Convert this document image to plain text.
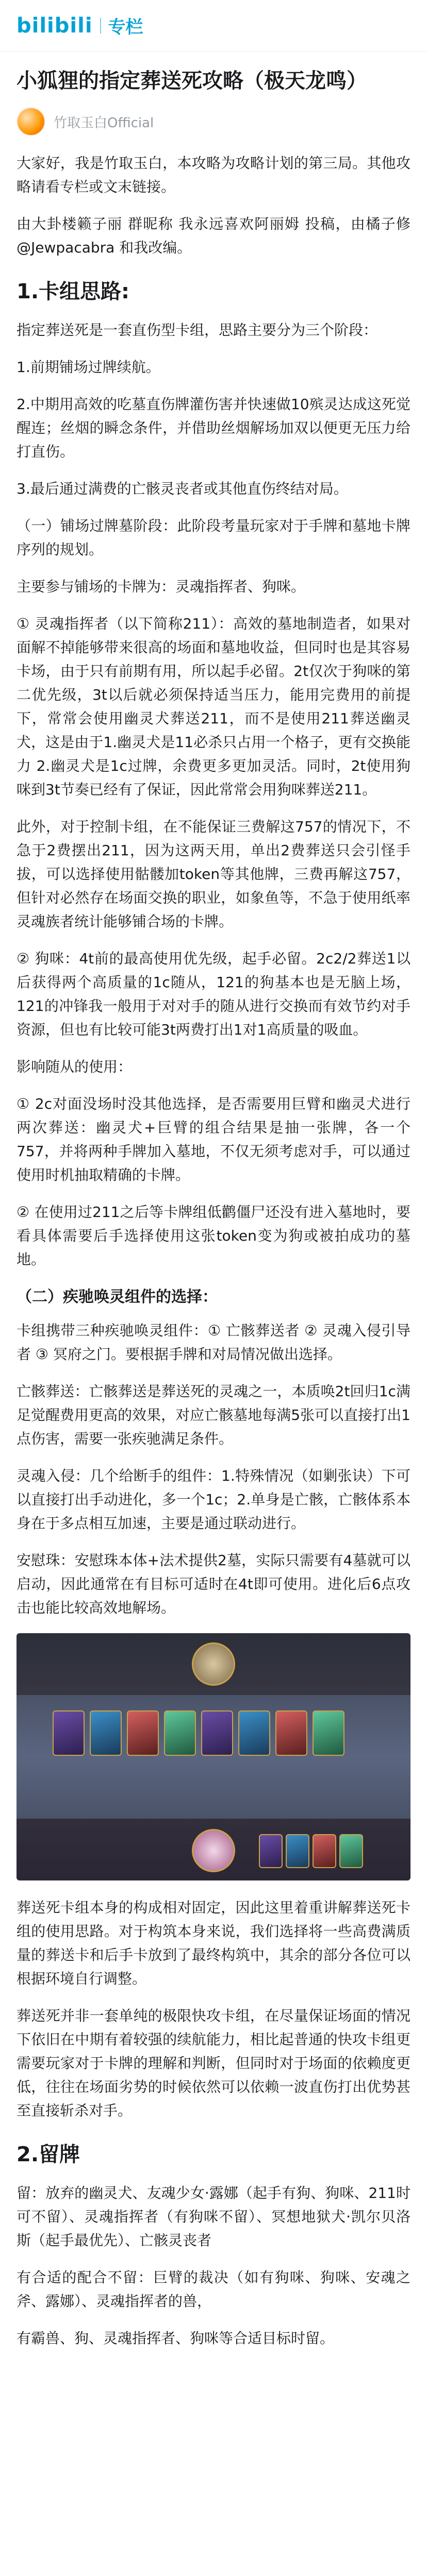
bilibili 专栏
小狐狸的指定葬送死攻略（极天龙鸣）
竹取玉白Official

大家好，我是竹取玉白，本攻略为攻略计划的第三局。其他攻略请看专栏或文末链接。

由大卦楼籁子丽 群昵称 我永远喜欢阿丽姆 投稿，由橘子修@Jewpacabra 和我改编。

1.卡组思路:

指定葬送死是一套直伤型卡组，思路主要分为三个阶段：

1.前期铺场过牌续航。

2.中期用高效的吃墓直伤牌灌伤害并快速做10殡灵达成这死觉醒连；丝烟的瞬念条件，并借助丝烟解场加双以便更无压力给打直伤。

3.最后通过满费的亡骸灵丧者或其他直伤终结对局。

（一）铺场过牌墓阶段：此阶段考量玩家对于手牌和墓地卡牌序列的规划。

主要参与铺场的卡牌为：灵魂指挥者、狗咪。

① 灵魂指挥者（以下简称211）：高效的墓地制造者，如果对面解不掉能够带来很高的场面和墓地收益，但同时也是其容易卡场，由于只有前期有用，所以起手必留。2t仅次于狗咪的第二优先级，3t以后就必须保持适当压力，能用完费用的前提下，常常会使用幽灵犬葬送211，而不是使用211葬送幽灵犬，这是由于1.幽灵犬是11必杀只占用一个格子，更有交换能力 2.幽灵犬是1c过牌，余费更多更加灵活。同时，2t使用狗咪到3t节奏已经有了保证，因此常常会用狗咪葬送211。

此外，对于控制卡组，在不能保证三费解这757的情况下，不急于2费摆出211，因为这两天用，单出2费葬送只会引怪手拔，可以选择使用骷髅加token等其他牌，三费再解这757，但针对必然存在场面交换的职业，如象鱼等，不急于使用纸率灵魂族者统计能够铺合场的卡牌。

② 狗咪：4t前的最高使用优先级，起手必留。2c2/2葬送1以后获得两个高质量的1c随从，121的狗基本也是无脑上场，121的冲锋我一般用于对对手的随从进行交换而有效节约对手资源，但也有比较可能3t两费打出1对1高质量的吸血。

影响随从的使用：

① 2c对面没场时没其他选择，是否需要用巨臂和幽灵犬进行两次葬送：幽灵犬+巨臂的组合结果是抽一张牌，各一个757，并将两种手牌加入墓地，不仅无须考虑对手，可以通过使用时机抽取精确的卡牌。

② 在使用过211之后等卡牌组低鹳僵尸还没有进入墓地时，要看具体需要后手选择使用这张token变为狗或被拍成功的墓地。

（二）疾驰唤灵组件的选择：

卡组携带三种疾驰唤灵组件：① 亡骸葬送者 ② 灵魂入侵引导者 ③ 冥府之门。要根据手牌和对局情况做出选择。

亡骸葬送：亡骸葬送是葬送死的灵魂之一，本质唤2t回归1c满足觉醒费用更高的效果，对应亡骸墓地每满5张可以直接打出1点伤害，需要一张疾驰满足条件。

灵魂入侵：几个给断手的组件：1.特殊情况（如剿张诀）下可以直接打出手动进化，多一个1c；2.单身是亡骸，亡骸体系本身在于多点相互加速，主要是通过联动进行。

安慰珠：安慰珠本体+法术提供2墓，实际只需要有4墓就可以启动，因此通常在有目标可适时在4t即可使用。进化后6点攻击也能比较高效地解场。

葬送死卡组本身的构成相对固定，因此这里着重讲解葬送死卡组的使用思路。对于构筑本身来说，我们选择将一些高费满质量的葬送卡和后手卡放到了最终构筑中，其余的部分各位可以根据环境自行调整。

葬送死并非一套单纯的极限快攻卡组，在尽量保证场面的情况下依旧在中期有着较强的续航能力，相比起普通的快攻卡组更需要玩家对于卡牌的理解和判断，但同时对于场面的依赖度更低，往往在场面劣势的时候依然可以依赖一波直伤打出优势甚至直接斩杀对手。

2.留牌

留：放弃的幽灵犬、友魂少女·露娜（起手有狗、狗咪、211时可不留）、灵魂指挥者（有狗咪不留）、冥想地狱犬·凯尔贝洛斯（起手最优先）、亡骸灵丧者

有合适的配合不留：巨臂的裁决（如有狗咪、狗咪、安魂之斧、露娜）、灵魂指挥者的兽，

有霸兽、狗、灵魂指挥者、狗咪等合适目标时留。
